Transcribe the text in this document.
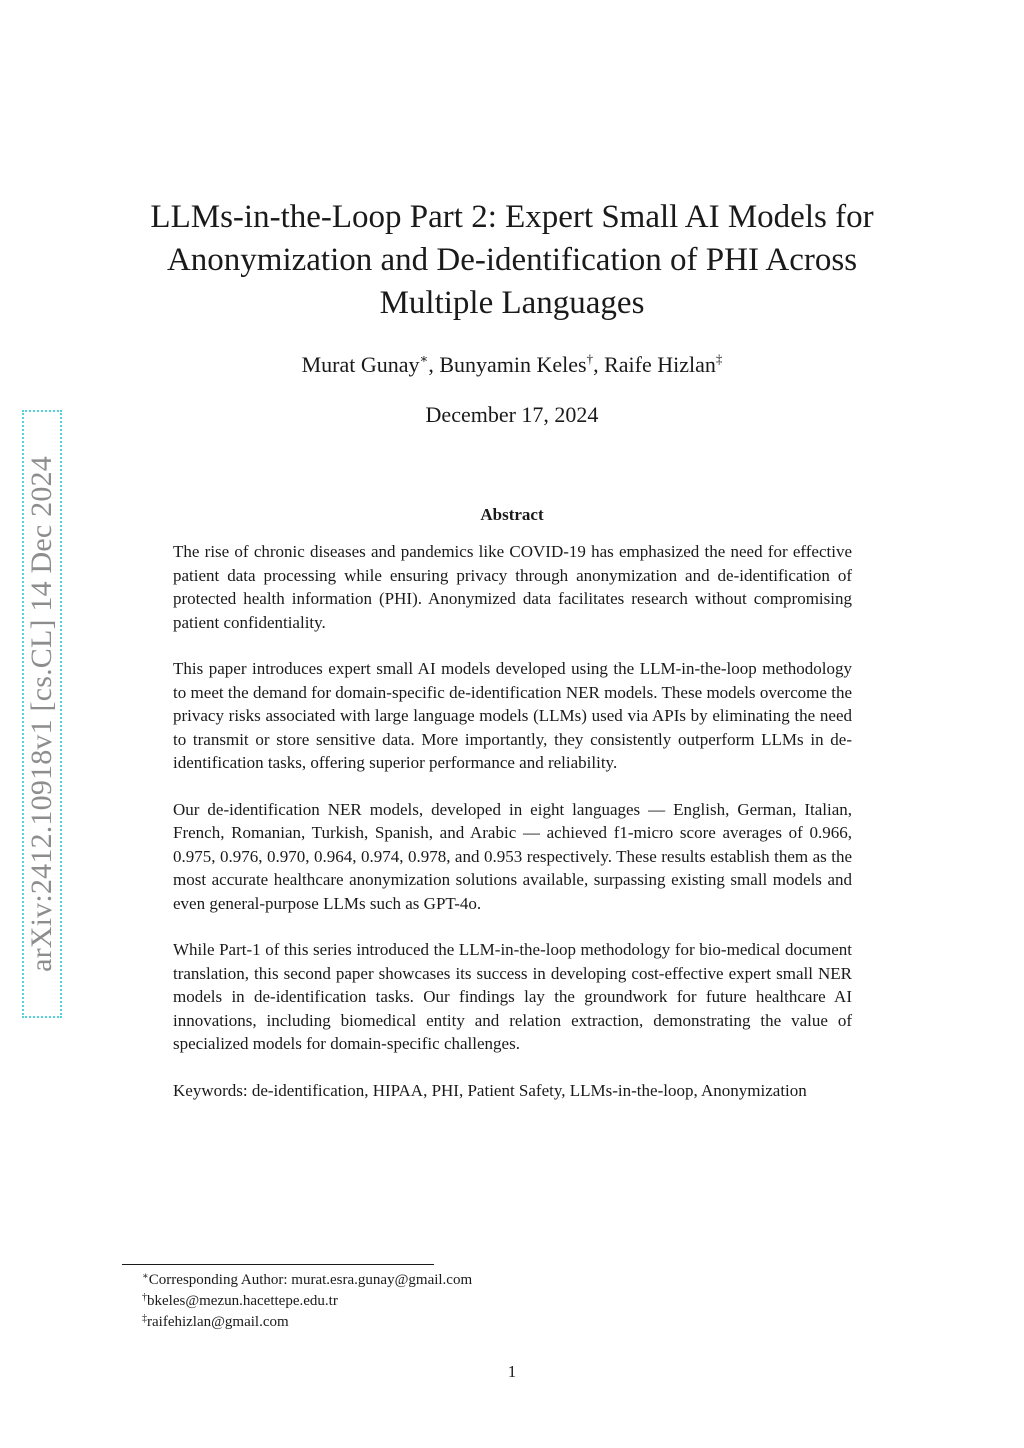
arXiv:2412.10918v1 [cs.CL] 14 Dec 2024
LLMs-in-the-Loop Part 2: Expert Small AI Models for Anonymization and De-identification of PHI Across Multiple Languages
Murat Gunay∗, Bunyamin Keles†, Raife Hizlan‡
December 17, 2024
Abstract

The rise of chronic diseases and pandemics like COVID-19 has emphasized the need for effective patient data processing while ensuring privacy through anonymization and de-identification of protected health information (PHI). Anonymized data facilitates research without compromising patient confidentiality.

This paper introduces expert small AI models developed using the LLM-in-the-loop methodology to meet the demand for domain-specific de-identification NER models. These models overcome the privacy risks associated with large language models (LLMs) used via APIs by eliminating the need to transmit or store sensitive data. More importantly, they consistently outperform LLMs in de-identification tasks, offering superior performance and reliability.

Our de-identification NER models, developed in eight languages — English, German, Italian, French, Romanian, Turkish, Spanish, and Arabic — achieved f1-micro score averages of 0.966, 0.975, 0.976, 0.970, 0.964, 0.974, 0.978, and 0.953 respectively. These results establish them as the most accurate healthcare anonymization solutions available, surpassing existing small models and even general-purpose LLMs such as GPT-4o.

While Part-1 of this series introduced the LLM-in-the-loop methodology for bio-medical document translation, this second paper showcases its success in developing cost-effective expert small NER models in de-identification tasks. Our findings lay the groundwork for future healthcare AI innovations, including biomedical entity and relation extraction, demonstrating the value of specialized models for domain-specific challenges.

Keywords: de-identification, HIPAA, PHI, Patient Safety, LLMs-in-the-loop, Anonymization

∗Corresponding Author: murat.esra.gunay@gmail.com
†bkeles@mezun.hacettepe.edu.tr
‡raifehizlan@gmail.com
1
